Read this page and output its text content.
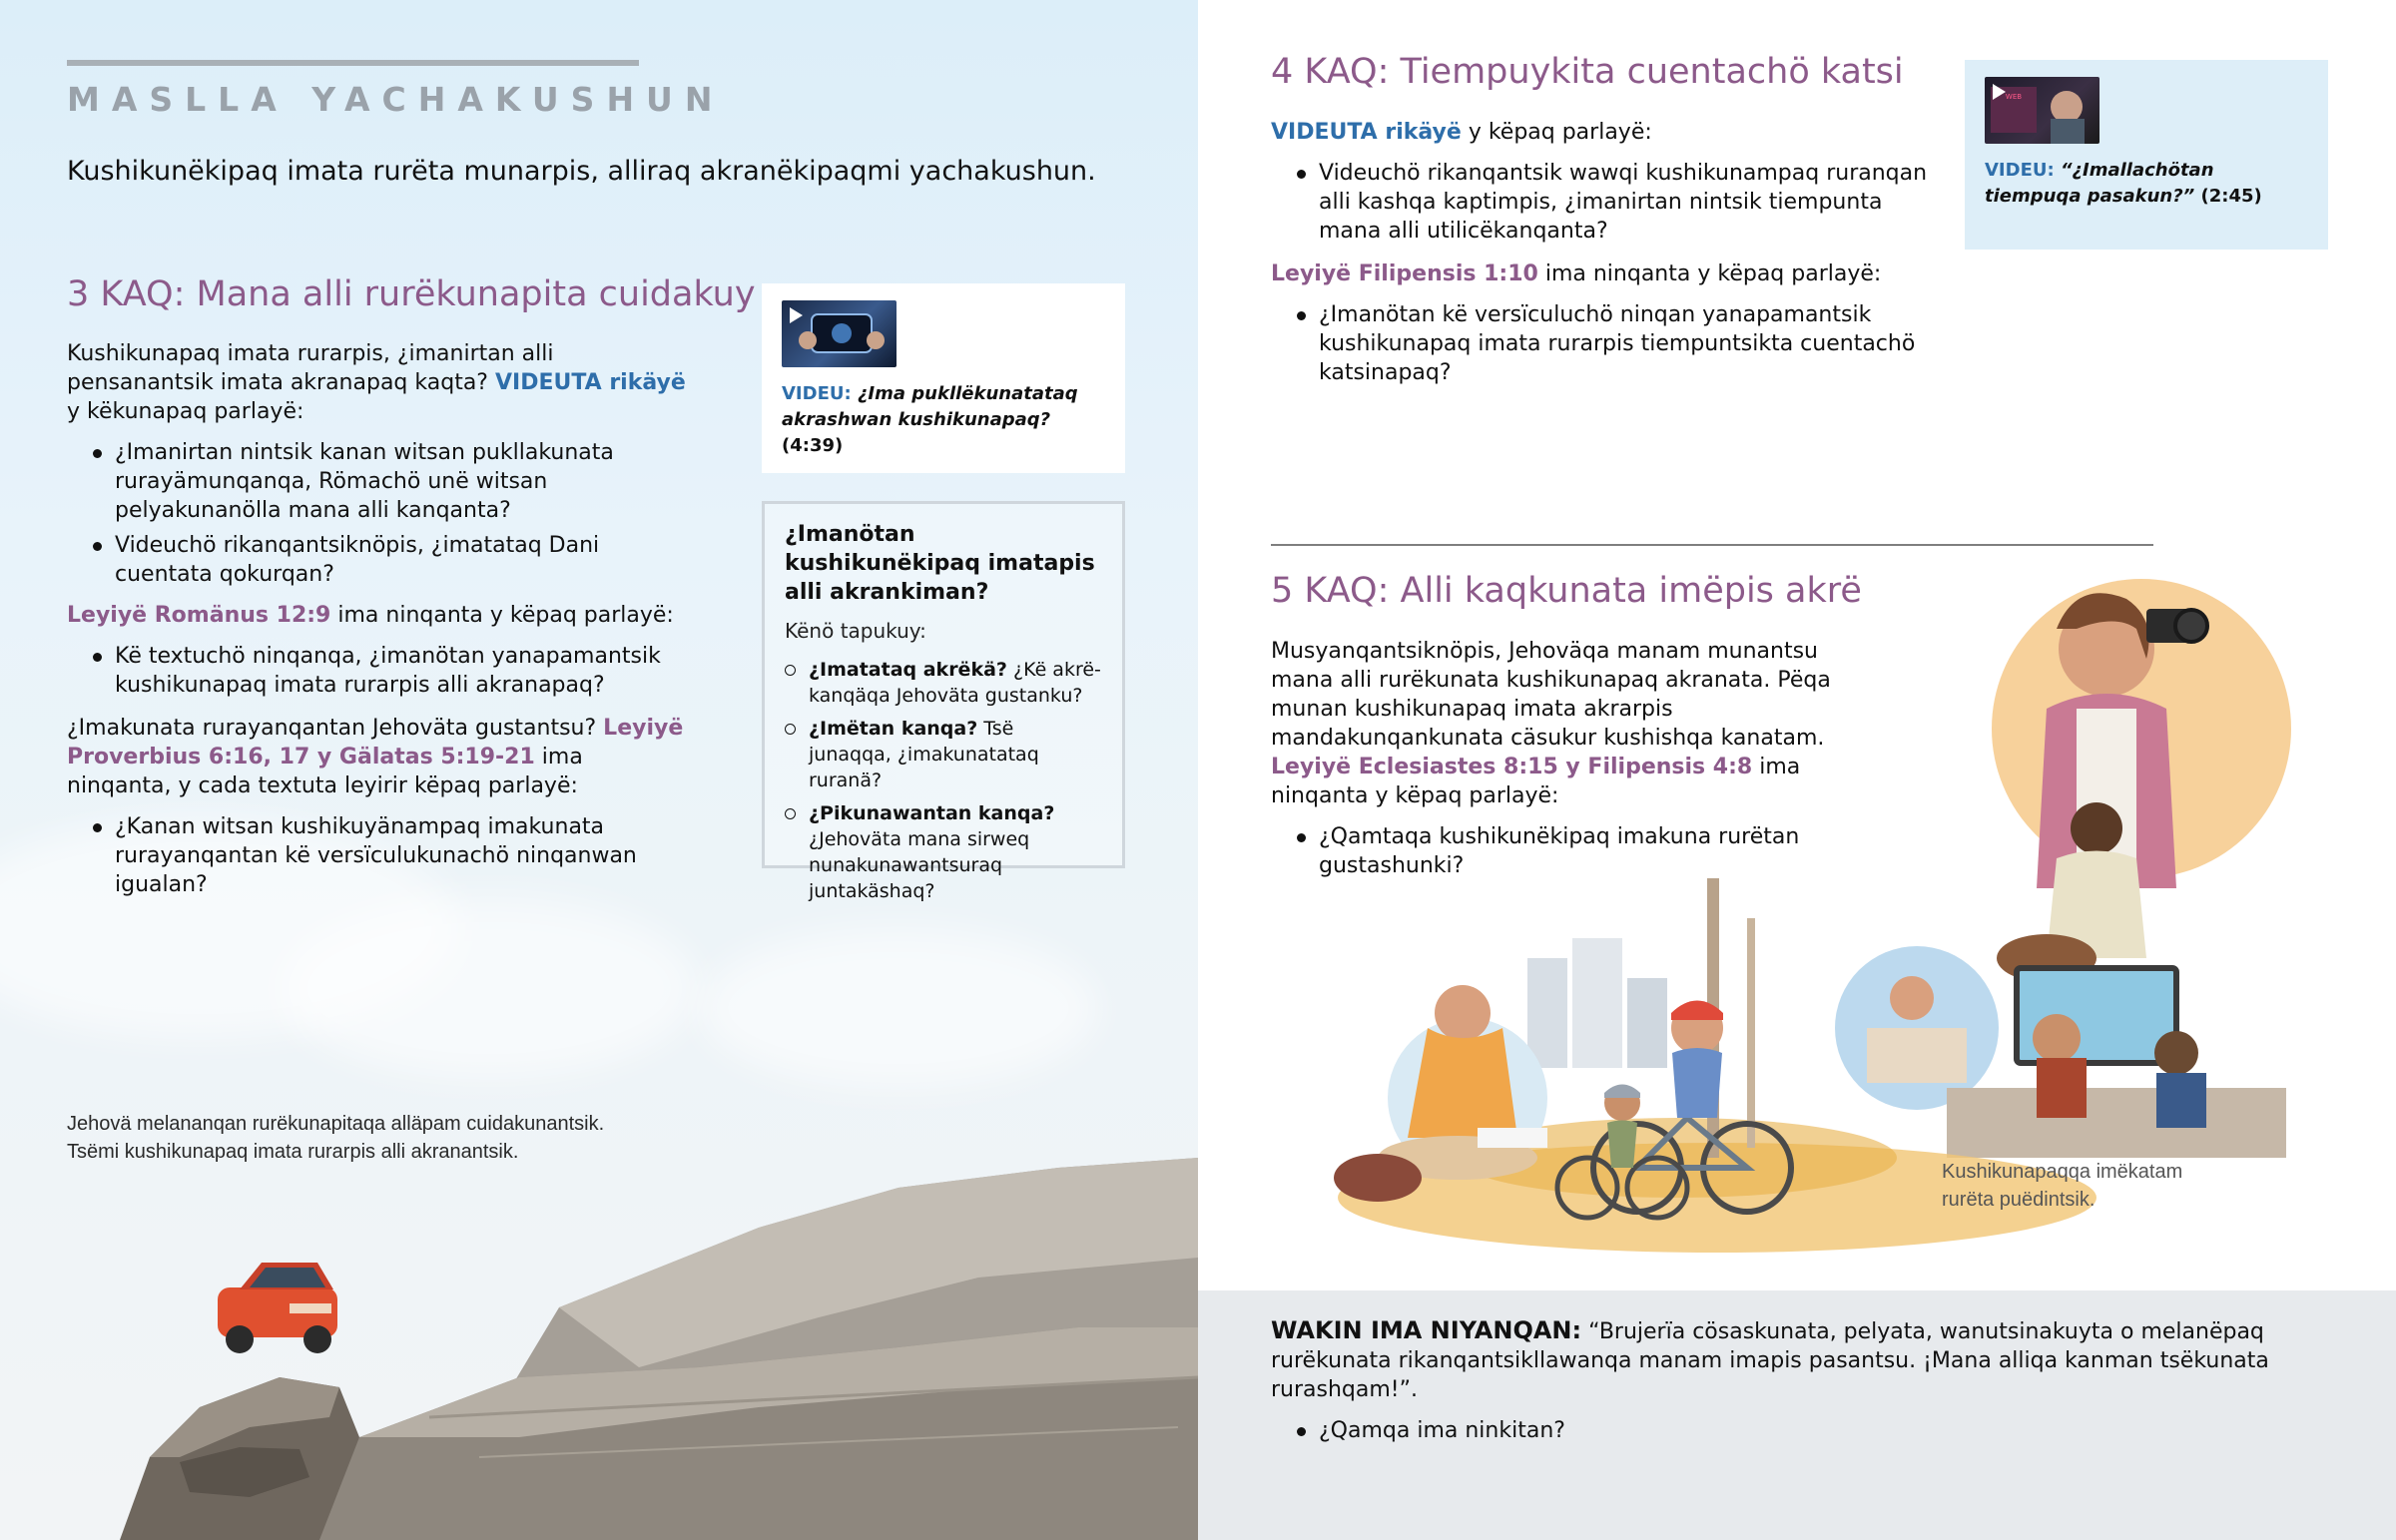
MASLLA YACHAKUSHUN
Kushikunëkipaq imata rurëta munarpis, alliraq akranëkipaqmi yachakushun.
3 KAQ: Mana alli rurëkunapita cuidakuy

Kushikunapaq imata rurarpis, ¿imanirtan alli pensanantsik imata akranapaq kaqta? VIDEUTA rikäyë y këkunapaq parlayë:

¿Imanirtan nintsik kanan witsan pukllakunata rurayämunqanqa, Römachö unë witsan pelyakunanölla mana alli kanqanta?
Videuchö rikanqantsiknöpis, ¿imatataq Dani cuentata qokurqan?

Leyiyë Romänus 12:9 ima ninqanta y këpaq parlayë:

Kë textuchö ninqanqa, ¿imanötan yanapamantsik kushikunapaq imata rurarpis alli akranapaq?

¿Imakunata rurayanqantan Jehoväta gustantsu? Leyiyë Proverbius 6:16, 17 y Gälatas 5:19-21 ima ninqanta, y cada textuta leyirir këpaq parlayë:

¿Kanan witsan kushikuyänampaq imakunata rurayanqantan kë versïculukunachö ninqanwan igualan?
VIDEU: ¿Ima pukllëkunatataq akrashwan kushikunapaq? (4:39)
¿Imanötan kushikunëkipaq imatapis alli akrankiman?
Kënö tapukuy:
¿Imatataq akrëkä? ¿Kë akrëkanqäqa Jehoväta gustanku?
¿Imëtan kanqa? Tsë junaqqa, ¿imakunatataq ruranä?
¿Pikunawantan kanqa? ¿Jehoväta mana sirweq nunakunawantsuraq juntakäshaq?
Jehovä melananqan rurëkunapitaqa alläpam cuidakunantsik.
Tsëmi kushikunapaq imata rurarpis alli akranantsik.
4 KAQ: Tiempuykita cuentachö katsi

VIDEUTA rikäyë y këpaq parlayë:

Videuchö rikanqantsik wawqi kushikunampaq ruranqan alli kashqa kaptimpis, ¿imanirtan nintsik tiempunta mana alli utilicëkanqanta?

Leyiyë Filipensis 1:10 ima ninqanta y këpaq parlayë:

¿Imanötan kë versïculuchö ninqan yanapamantsik kushikunapaq imata rurarpis tiempuntsikta cuentachö katsinapaq?
WEB
VIDEU: “¿Imallachötan tiempuqa pasakun?” (2:45)
5 KAQ: Alli kaqkunata imëpis akrë

Musyanqantsiknöpis, Jehoväqa manam munantsu mana alli rurëkunata kushikunapaq akranata. Pëqa munan kushikunapaq imata akrarpis mandakunqankunata cäsukur kushishqa kanatam. Leyiyë Eclesiastes 8:15 y Filipensis 4:8 ima ninqanta y këpaq parlayë:

¿Qamtaqa kushikunëkipaq imakuna rurëtan gustashunki?
Kushikunapaqqa imëkatam
rurëta puëdintsik.
WAKIN IMA NIYANQAN: “Brujerïa cösaskunata, pelyata, wanutsinakuyta o melanëpaq rurëkunata rikanqantsikllawanqa manam imapis pasantsu. ¡Mana alliqa kanman tsëkunata rurashqam!”.
¿Qamqa ima ninkitan?
